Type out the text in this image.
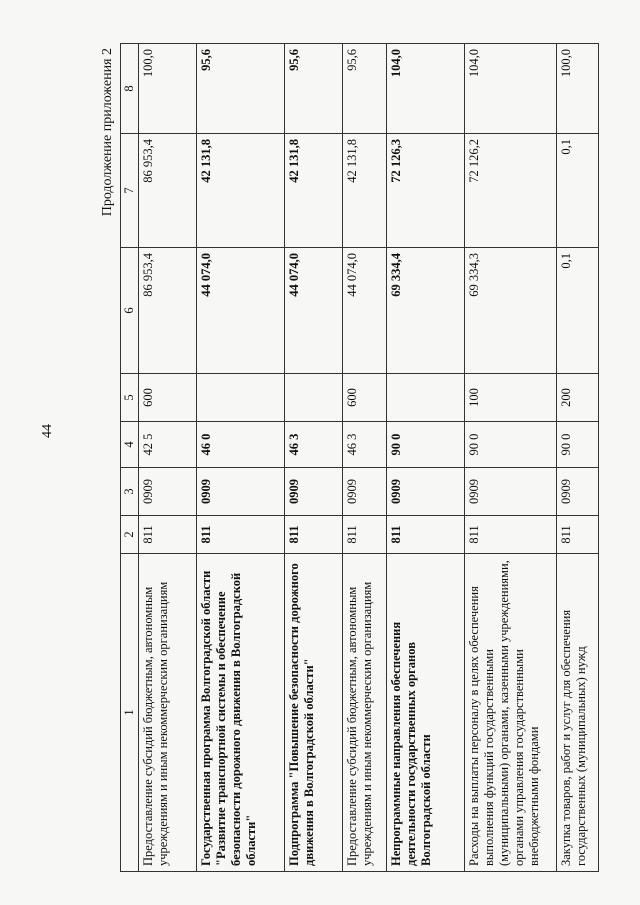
44
Продолжение приложения 2
1	2	3	4	5	6	7	8
Предоставление субсидий бюджетным, автономным учреждениям и иным некоммерческим организациям	811	0909	42 5	600	86 953,4	86 953,4	100,0
Государственная программа Волгоградской области "Развитие транспортной системы и обеспечение безопасности дорожного движения в Волгоградской области"	811	0909	46 0		44 074,0	42 131,8	95,6
Подпрограмма "Повышение безопасности дорожного движения в Волгоградской области"	811	0909	46 3		44 074,0	42 131,8	95,6
Предоставление субсидий бюджетным, автономным учреждениям и иным некоммерческим организациям	811	0909	46 3	600	44 074,0	42 131,8	95,6
Непрограммные направления обеспечения деятельности государственных органов Волгоградской области	811	0909	90 0		69 334,4	72 126,3	104,0
Расходы на выплаты персоналу в целях обеспечения выполнения функций государственными (муниципальными) органами, казенными учреждениями, органами управления государственными внебюджетными фондами	811	0909	90 0	100	69 334,3	72 126,2	104,0
Закупка товаров, работ и услуг для обеспечения государственных (муниципальных) нужд	811	0909	90 0	200	0,1	0,1	100,0
